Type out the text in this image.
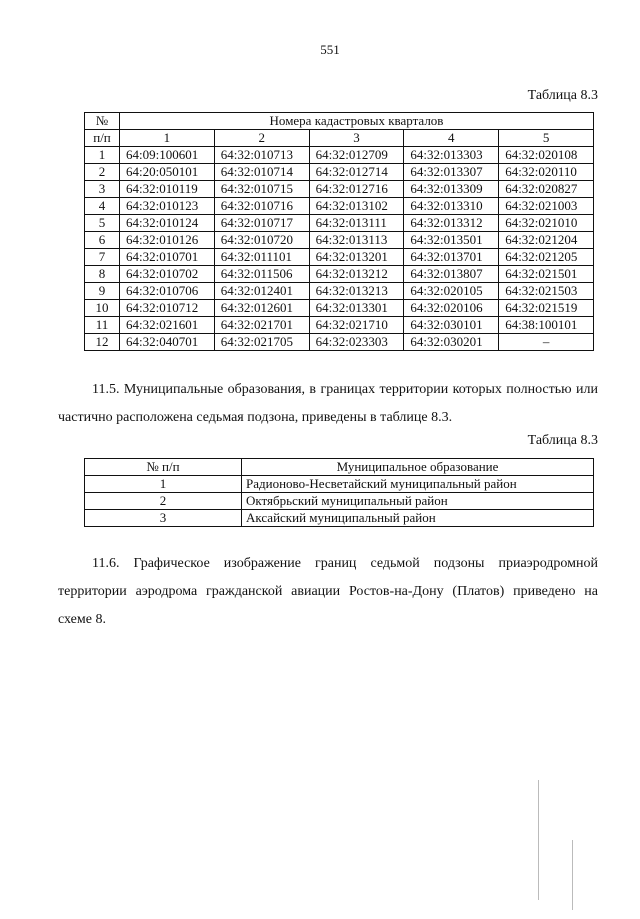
551
Таблица 8.3
№	Номера кадастровых кварталов				
п/п	1	2	3	4	5
1	64:09:100601	64:32:010713	64:32:012709	64:32:013303	64:32:020108
2	64:20:050101	64:32:010714	64:32:012714	64:32:013307	64:32:020110
3	64:32:010119	64:32:010715	64:32:012716	64:32:013309	64:32:020827
4	64:32:010123	64:32:010716	64:32:013102	64:32:013310	64:32:021003
5	64:32:010124	64:32:010717	64:32:013111	64:32:013312	64:32:021010
6	64:32:010126	64:32:010720	64:32:013113	64:32:013501	64:32:021204
7	64:32:010701	64:32:011101	64:32:013201	64:32:013701	64:32:021205
8	64:32:010702	64:32:011506	64:32:013212	64:32:013807	64:32:021501
9	64:32:010706	64:32:012401	64:32:013213	64:32:020105	64:32:021503
10	64:32:010712	64:32:012601	64:32:013301	64:32:020106	64:32:021519
11	64:32:021601	64:32:021701	64:32:021710	64:32:030101	64:38:100101
12	64:32:040701	64:32:021705	64:32:023303	64:32:030201	–
11.5. Муниципальные образования, в границах территории которых полностью или частично расположена седьмая подзона, приведены в таблице 8.3.
Таблица 8.3
№ п/п	Муниципальное образование
1	Радионово-Несветайский муниципальный район
2	Октябрьский муниципальный район
3	Аксайский муниципальный район
11.6. Графическое изображение границ седьмой подзоны приаэродромной территории аэродрома гражданской авиации Ростов-на-Дону (Платов) приведено на схеме 8.
